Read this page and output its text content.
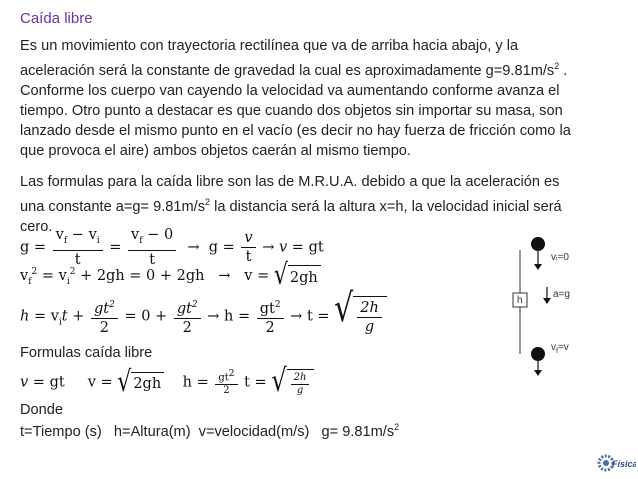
Caída libre
Es un movimiento con trayectoria rectilínea que va de arriba hacia abajo, y la aceleración será la constante de gravedad la cual es aproximadamente $g=9.81m/s^2$ . Conforme los cuerpo van cayendo la velocidad va aumentando conforme avanza el tiempo. Otro punto a destacar es que cuando dos objetos sin importar su masa, son lanzado desde el mismo punto en el vacío (es decir no hay fuerza de fricción como la que provoca el aire) ambos objetos caerán al mismo tiempo.
Las formulas para la caída libre son las de M.R.U.A. debido a que la aceleración es una constante $a=g= 9.81m/s^2$ la distancia será la altura x=h, la velocidad inicial será cero.
$g = \frac{v_f - v_i}{t} = \frac{v_f - 0}{t} \to g = \frac{v}{t} \to v$ = gt
$v_f^2 = v_i^2 + 2gh = 0 + 2gh \to v$ = √ 2gh
$h = v_it + \frac{gt^2}{2} = 0 + \frac{gt^2}{2} \to h = \frac{gt^2}{2} \to t$ = √ $\frac{2h}{g}$
Formulas caída libre
v = gt     v = √ 2gh $h = \frac{gt^2}{2}$ t = √ $\frac{2h}{g}$
Donde
t=Tiempo (s)   h=Altura(m)  v=velocidad(m/s)   $g= 9.81m/s^2$
vᵢ=0
a=g
h
$v_f=v$
Física
